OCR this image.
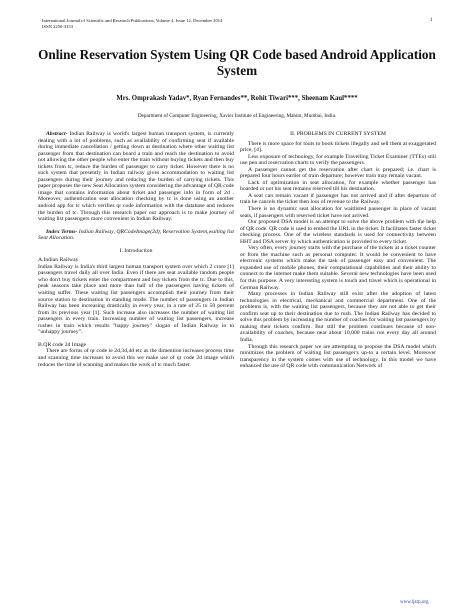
International Journal of Scientific and Research Publications, Volume 4, Issue 12, December 2014
ISSN 2250-3153
1
Online Reservation System Using QR Code based Android Application System
Mrs. Omprakash Yadav*, Ryan Fernandes**, Rohit Tiwari***, Sheenam Kaul****
Department of Computer Engineering, Xavier Institute of Engineering, Mahim, Mumbai, India.

Abstract- Indian Railway is world's largest human transport system, is currently dealing with a lot of problems, such as availability of confirming seat if available during immediate cancellation / getting down at destination where other waiting list passenger from that destination can board a train and reach the destination to avoid not allowing the other people who enter the train without buying tickets and then buy tickets from tc, reduce the burden of passenger to carry ticket. However there is no such system that presently in Indian railway gives accommodation to waiting list passengers during their journey and reducing the burden of carrying tickets. This paper proposes the new Seat Allocation system considering the advantage of QR code image that contains information about ticket and passenger info in form of 2d . Moreover, authentication seat allocation checking by tc is done using an another android app for tc which verifies qr code information with the database and reduces the burden of tc. Through this research paper our approach is to make journey of waiting list passengers more convenient in Indian Railway.

Index Terms- Indian Railway, QRCodeImage(2d), Reservation System,waiting list Seat Allocation.

I. Introduction

A.Indian Railway

Indian Railway is India's third largest human transport system over which 2 crore [1] passengers travel daily all over India. Even if there are seat available random people who don't buy tickets enter the compartment and buy tickets from the tc. Due to this, peak seasons take place and more than half of the passengers having tickets of waiting suffer. These waiting list passengers accomplish their journey from their source station to destination in standing mode. The number of passengers in Indian Railway has been increasing drastically in every year, in a rate of 25 to 50 percent from its previous year [1]. Such increase also increases the number of waiting list passengers in every train. Increasing number of waiting list passengers, increase rushes in train which results "happy journey" slogan of Indian Railway in to "unhappy journey".

B.QR code 2d Image

There are forms of qr code ie 2d,3d,4d etc as the dimention increases process time and scanning time increases to avoid this we make use of qr code 2d image which reduces the time of scanning and makes the work of tc much faster.

II. PROBLEMS IN CURRENT SYSTEM

There is more space for touts to book tickets illegally and sell them at exaggerated price, [4].

Less exposure of technology, for example Travelling Ticket Examiner (TTEs) still use pen and reservation charts to verify the passengers.

A passenger cannot get the reservation after chart is prepared; i.e. chart is prepared four hours earlier of train departure; however train may remain vacant.

Lack of optimization in seat allocation, for example whether passenger has boarded or not his seat remains reserved till his destination.

A seat can remain vacant if passenger has not arrived and if after departure of train he cancels the ticket then loss of revenue to the Railway.

There is no dynamic seat allocation for waitlisted passenger in place of vacant seats, if passengers with reserved ticket have not arrived.

Our proposed DSA model is an attempt to solve the above problem with the help of QR code. QR code is used to embed the URL in the ticket. It facilitates faster ticket checking process. One of the wireless standards is used for connectivity between HHT and DSA server by which authentication is provided to every ticket.

Very often, every journey starts with the purchase of the tickets at a ticket counter or from the machine such as personal computer. It would be convenient to have electronic systems which make the task of passenger easy and convenient. The expanded use of mobile phones, their computational capabilities and their ability to connect to the internet make them suitable. Several new technologies have been used for this purpose. A very interesting system is touch and travel which is operational in German Railway.

Many processes in Indian Railway still exist after the adoption of latest technologies in electrical, mechanical and commercial department. One of the problems is, with the waiting list passengers, because they are not able to get their confirm seat up to their destination due to rush. The Indian Railway has decided to solve this problem by increasing the number of coaches for waiting list passengers by making their tickets confirm. But still the problem continues because of non-availability of coaches, because near about 10,000 trains run every day all around India.

Through this research paper we are attempting to propose the DSA model which minimizes the problem of waiting list passenger's up-to a certain level. Moreover transparency in the system comes with use of technology. In this model we have enhanced the use of QR code with communication Network of

www.ijsrp.org
